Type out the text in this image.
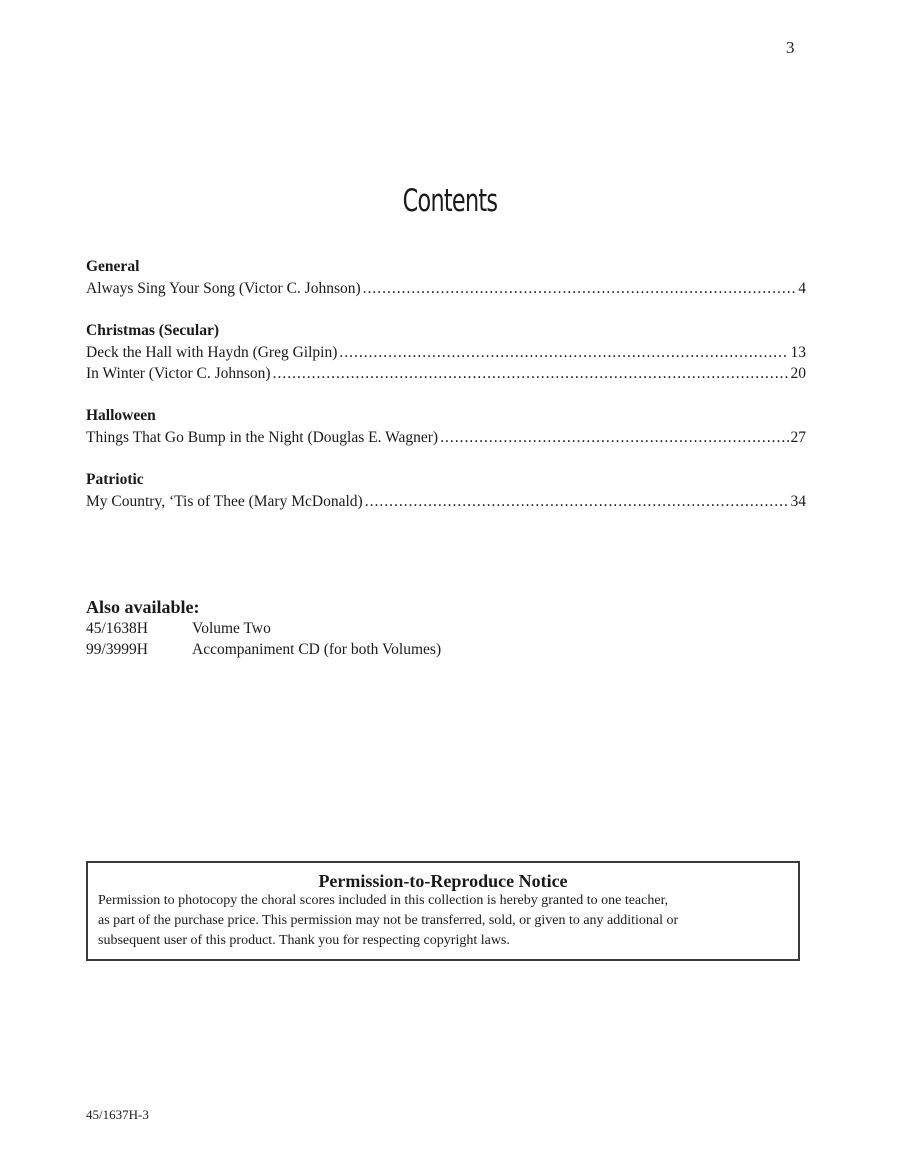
3
Contents
General
Always Sing Your Song (Victor C. Johnson) .....	4
Christmas (Secular)
Deck the Hall with Haydn (Greg Gilpin) .....	13
In Winter (Victor C. Johnson) .....	20
Halloween
Things That Go Bump in the Night (Douglas E. Wagner) .....	27
Patriotic
My Country, ‘Tis of Thee (Mary McDonald) .....	34
Also available:
45/1638H	Volume Two
99/3999H	Accompaniment CD (for both Volumes)
Permission-to-Reproduce Notice
Permission to photocopy the choral scores included in this collection is hereby granted to one teacher,
as part of the purchase price. This permission may not be transferred, sold, or given to any additional or
subsequent user of this product. Thank you for respecting copyright laws.
45/1637H-3
